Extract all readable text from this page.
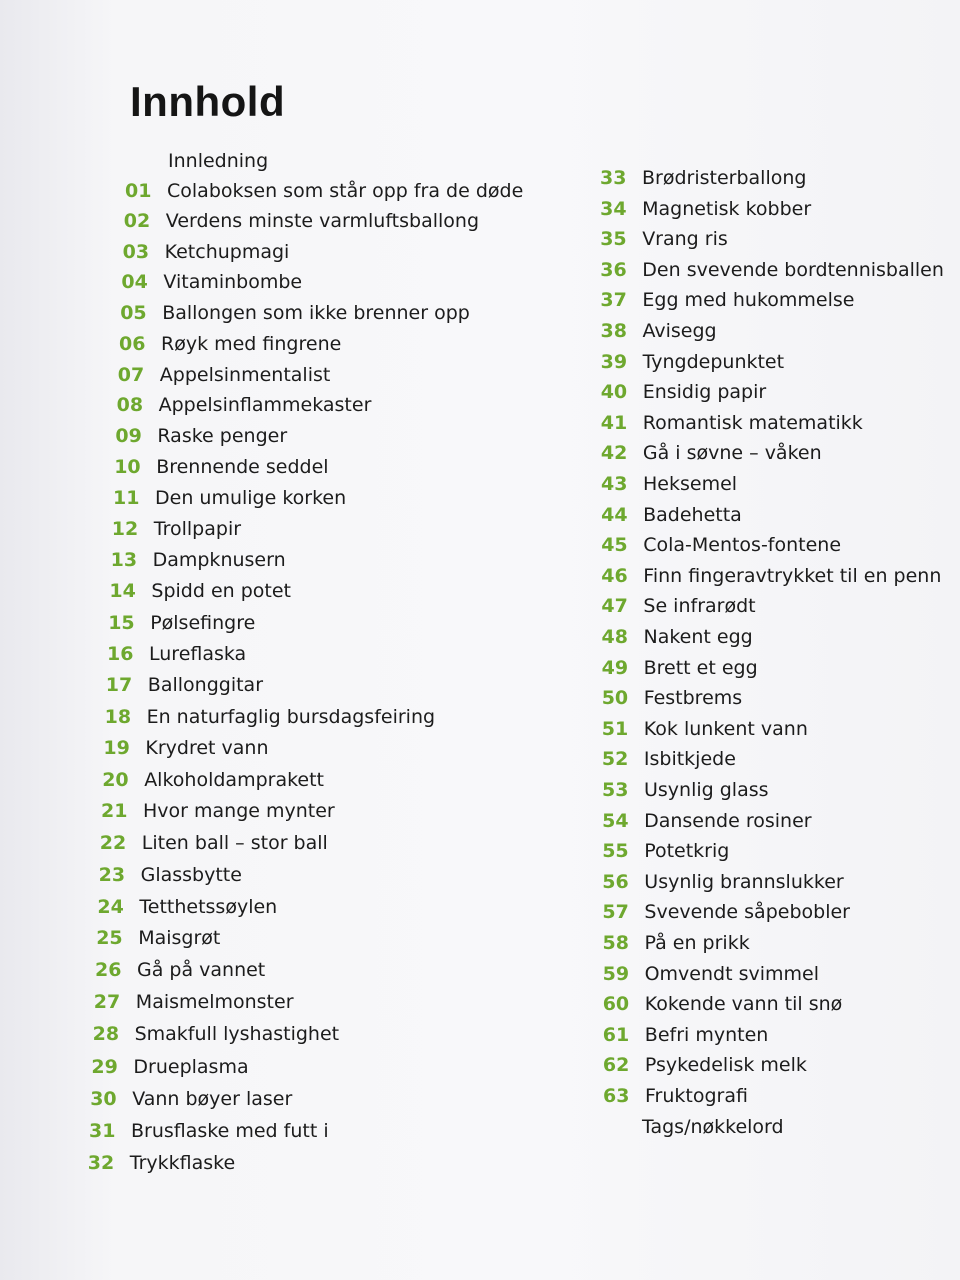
Innhold
Innledning
01 Colaboksen som står opp fra de døde
02 Verdens minste varmluftsballong
03 Ketchupmagi
04 Vitaminbombe
05 Ballongen som ikke brenner opp
06 Røyk med fingrene
07 Appelsinmentalist
08 Appelsinflammekaster
09 Raske penger
10 Brennende seddel
11 Den umulige korken
12 Trollpapir
13 Dampknusern
14 Spidd en potet
15 Pølsefingre
16 Lureflaska
17 Ballonggitar
18 En naturfaglig bursdagsfeiring
19 Krydret vann
20 Alkoholdamprakett
21 Hvor mange mynter
22 Liten ball – stor ball
23 Glassbytte
24 Tetthetssøylen
25 Maisgrøt
26 Gå på vannet
27 Maismelmonster
28 Smakfull lyshastighet
29 Drueplasma
30 Vann bøyer laser
31 Brusflaske med futt i
32 Trykkflaske
33 Brødristerballong
34 Magnetisk kobber
35 Vrang ris
36 Den svevende bordtennisballen
37 Egg med hukommelse
38 Avisegg
39 Tyngdepunktet
40 Ensidig papir
41 Romantisk matematikk
42 Gå i søvne – våken
43 Heksemel
44 Badehetta
45 Cola-Mentos-fontene
46 Finn fingeravtrykket til en penn
47 Se infrarødt
48 Nakent egg
49 Brett et egg
50 Festbrems
51 Kok lunkent vann
52 Isbitkjede
53 Usynlig glass
54 Dansende rosiner
55 Potetkrig
56 Usynlig brannslukker
57 Svevende såpebobler
58 På en prikk
59 Omvendt svimmel
60 Kokende vann til snø
61 Befri mynten
62 Psykedelisk melk
63 Fruktografi
Tags/nøkkelord
